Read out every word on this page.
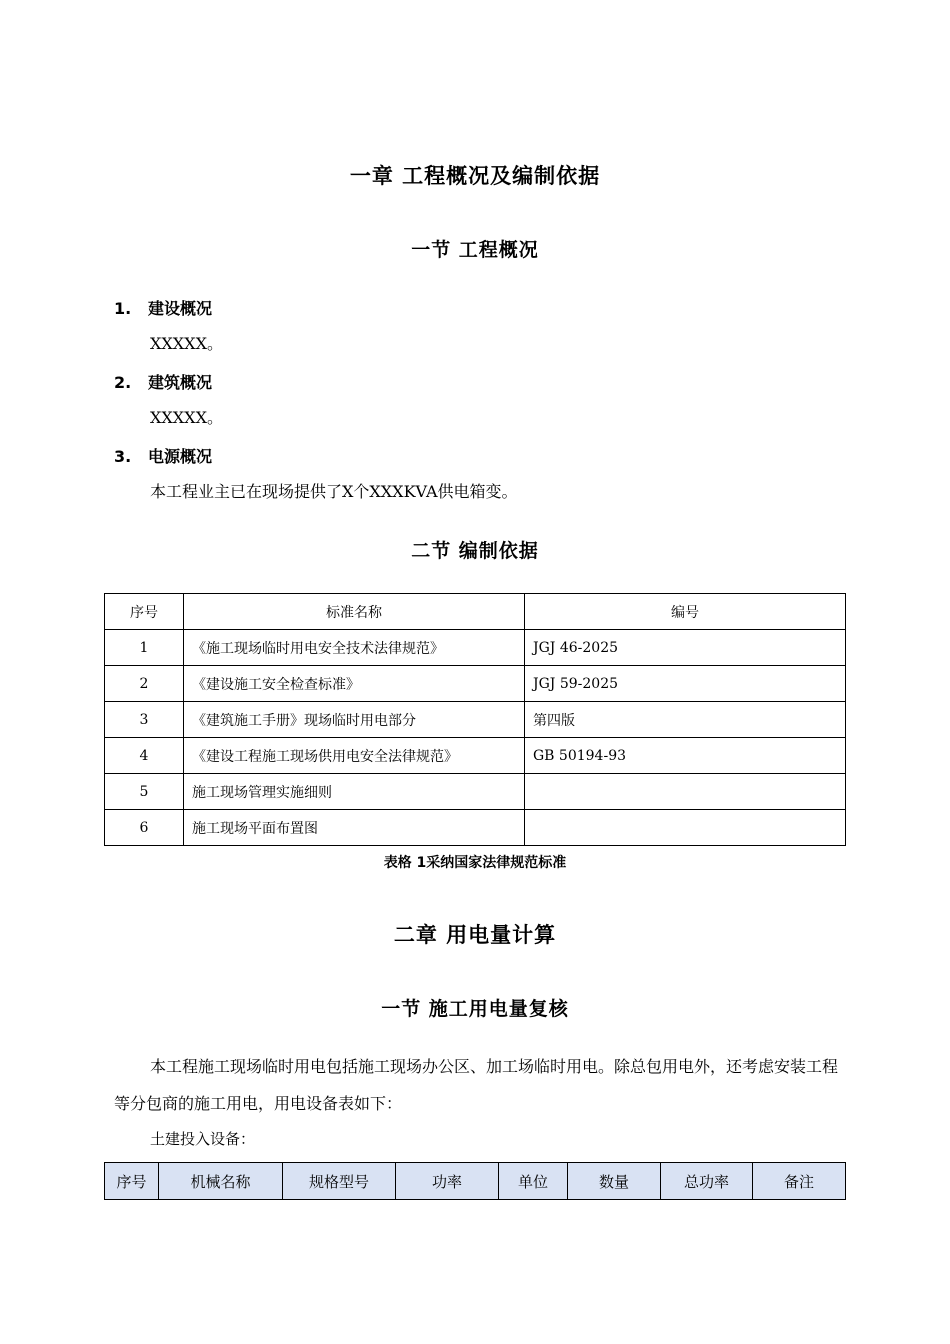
一章 工程概况及编制依据
一节 工程概况
1. 建设概况
XXXXX。
2. 建筑概况
XXXXX。
3. 电源概况
本工程业主已在现场提供了X个XXXKVA供电箱变。
二节 编制依据
序号	标准名称	编号
1	《施工现场临时用电安全技术法律规范》	JGJ 46-2025
2	《建设施工安全检查标准》	JGJ 59-2025
3	《建筑施工手册》现场临时用电部分	第四版
4	《建设工程施工现场供用电安全法律规范》	GB 50194-93
5	施工现场管理实施细则	
6	施工现场平面布置图	
表格 1采纳国家法律规范标准
二章 用电量计算
一节 施工用电量复核
本工程施工现场临时用电包括施工现场办公区、加工场临时用电。除总包用电外，还考虑安装工程等分包商的施工用电，用电设备表如下：
土建投入设备：
序号	机械名称	规格型号	功率	单位	数量	总功率	备注
